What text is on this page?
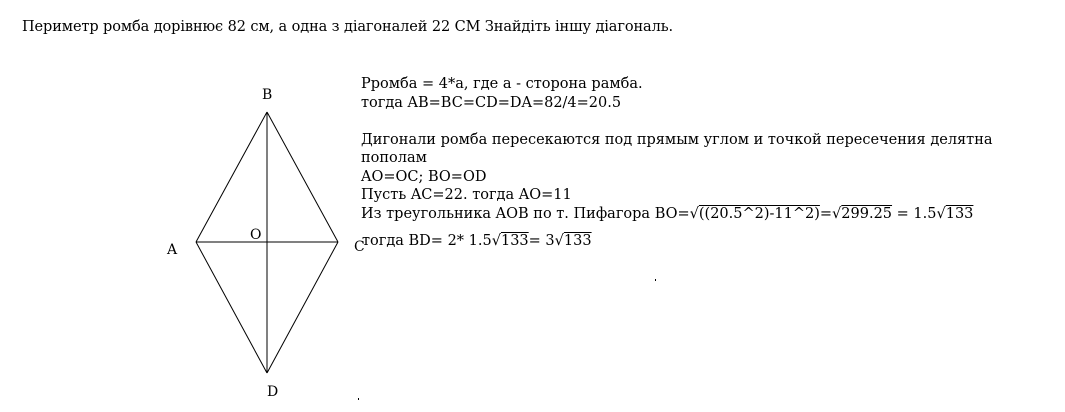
Периметр ромба дорівнює 82 см, а одна з діагоналей 22 СМ Знайдіть іншу діагональ.
B
A	C
D
O
Pромба = 4*a, где a - сторона рамба.
тогда AB=BC=CD=DA=82/4=20.5
Дигонали ромба пересекаются под прямым углом и точкой пересечения делятна
пополам
AO=OC; BO=OD
Пусть AC=22. тогда AO=11
Из треугольника AOB по т. Пифагора BO=√((20.5^2)-11^2)=√299.25 = 1.5√133
тогда BD= 2* 1.5√133= 3√133
